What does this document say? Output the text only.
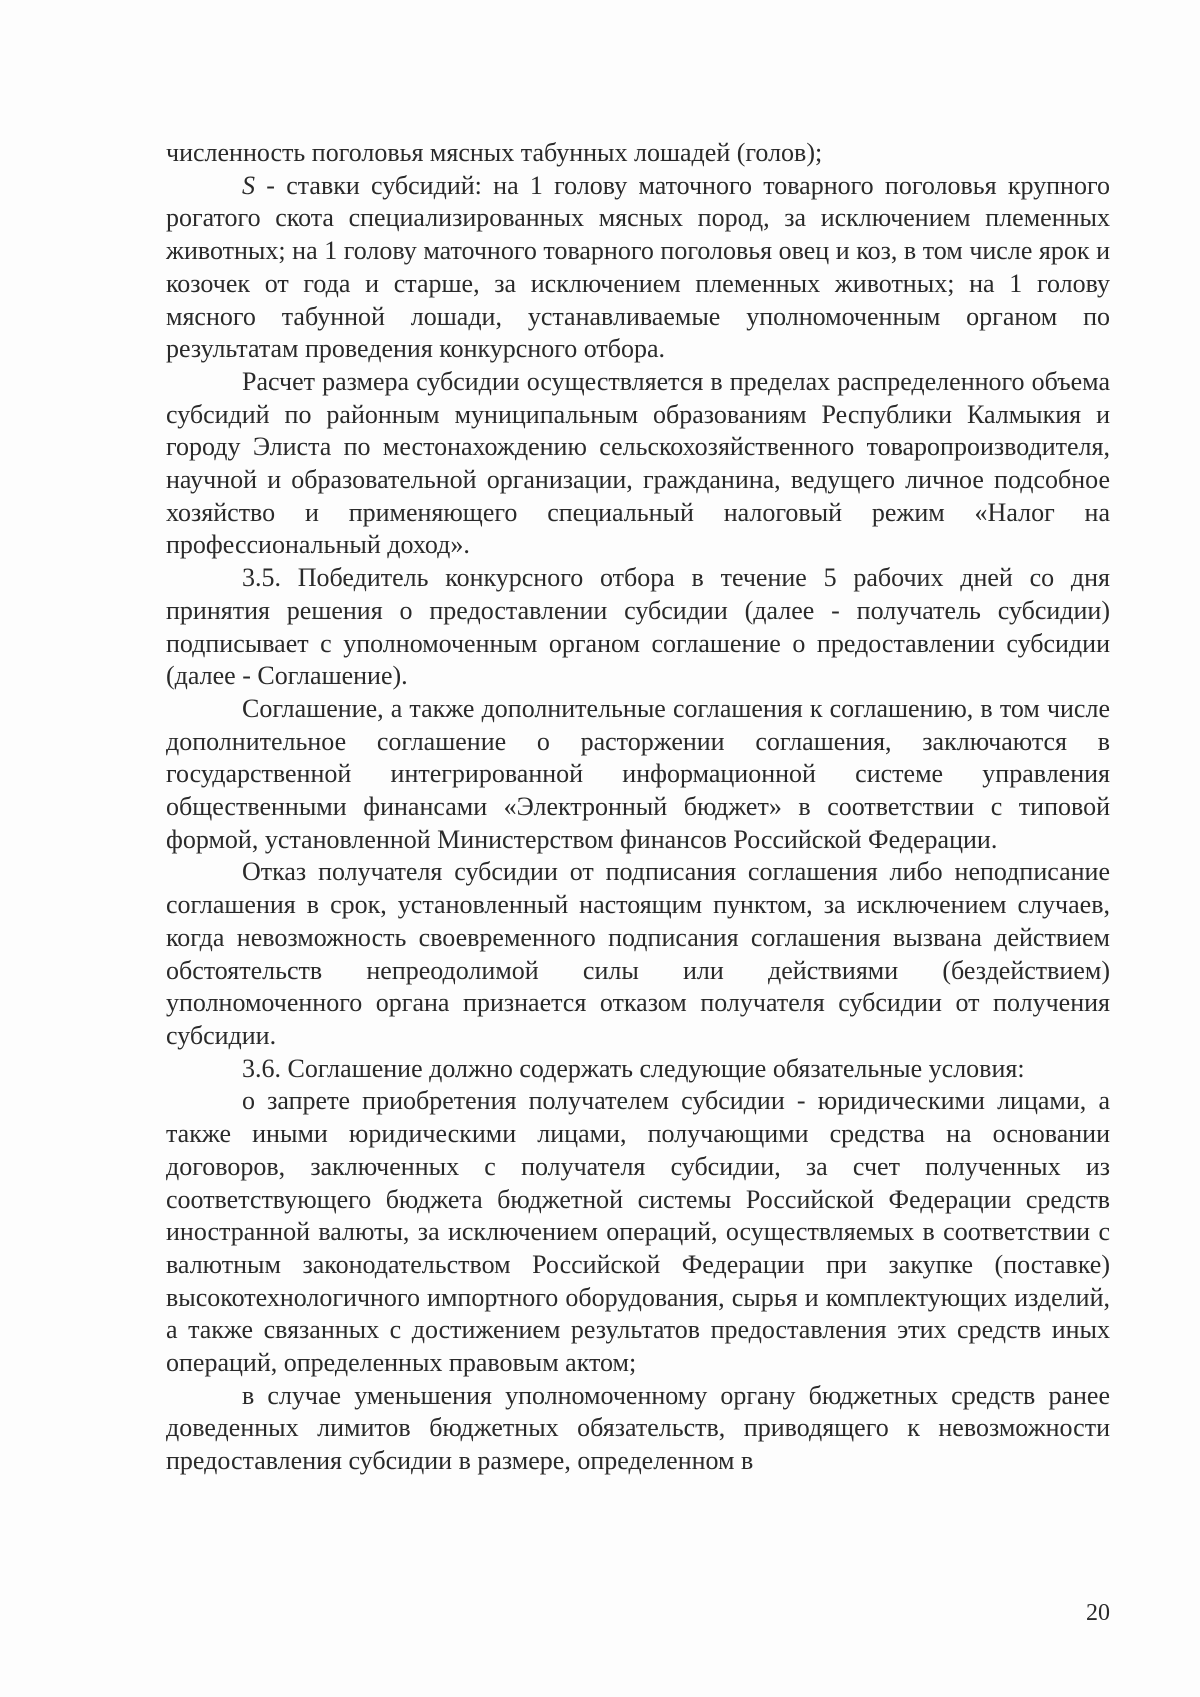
численность поголовья мясных табунных лошадей (голов);

S - ставки субсидий: на 1 голову маточного товарного поголовья крупного рогатого скота специализированных мясных пород, за исключением племенных животных; на 1 голову маточного товарного поголовья овец и коз, в том числе ярок и козочек от года и старше, за исключением племенных животных; на 1 голову мясного табунной лошади, устанавливаемые уполномоченным органом по результатам проведения конкурсного отбора.

Расчет размера субсидии осуществляется в пределах распределенного объема субсидий по районным муниципальным образованиям Республики Калмыкия и городу Элиста по местонахождению сельскохозяйственного товаропроизводителя, научной и образовательной организации, гражданина, ведущего личное подсобное хозяйство и применяющего специальный налоговый режим «Налог на профессиональный доход».

3.5. Победитель конкурсного отбора в течение 5 рабочих дней со дня принятия решения о предоставлении субсидии (далее - получатель субсидии) подписывает с уполномоченным органом соглашение о предоставлении субсидии (далее - Соглашение).

Соглашение, а также дополнительные соглашения к соглашению, в том числе дополнительное соглашение о расторжении соглашения, заключаются в государственной интегрированной информационной системе управления общественными финансами «Электронный бюджет» в соответствии с типовой формой, установленной Министерством финансов Российской Федерации.

Отказ получателя субсидии от подписания соглашения либо неподписание соглашения в срок, установленный настоящим пунктом, за исключением случаев, когда невозможность своевременного подписания соглашения вызвана действием обстоятельств непреодолимой силы или действиями (бездействием) уполномоченного органа признается отказом получателя субсидии от получения субсидии.

3.6. Соглашение должно содержать следующие обязательные условия:

о запрете приобретения получателем субсидии - юридическими лицами, а также иными юридическими лицами, получающими средства на основании договоров, заключенных с получателя субсидии, за счет полученных из соответствующего бюджета бюджетной системы Российской Федерации средств иностранной валюты, за исключением операций, осуществляемых в соответствии с валютным законодательством Российской Федерации при закупке (поставке) высокотехнологичного импортного оборудования, сырья и комплектующих изделий, а также связанных с достижением результатов предоставления этих средств иных операций, определенных правовым актом;

в случае уменьшения уполномоченному органу бюджетных средств ранее доведенных лимитов бюджетных обязательств, приводящего к невозможности предоставления субсидии в размере, определенном в

20
